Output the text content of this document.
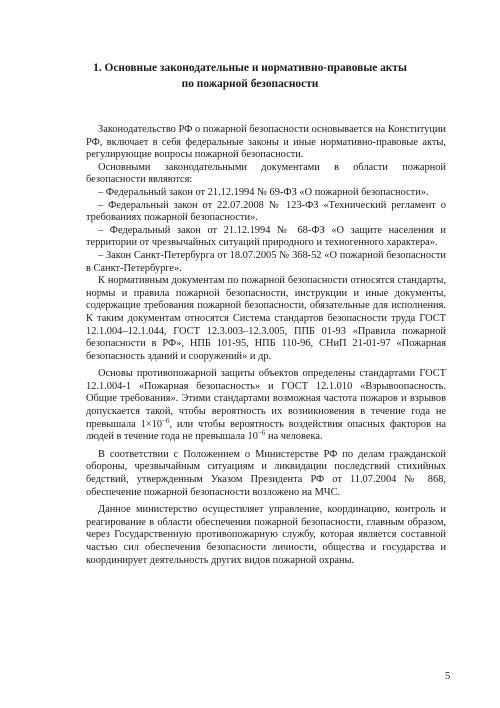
1. Основные законодательные и нормативно-правовые акты
по пожарной безопасности

Законодательство РФ о пожарной безопасности основывается на Конституции РФ, включает в себя федеральные законы и иные нормативно-правовые акты, регулирующие вопросы пожарной безопасности.

Основными законодательными документами в области пожарной безопасности являются:

– Федеральный закон от 21.12.1994 № 69-ФЗ «О пожарной безопасности».

– Федеральный закон от 22.07.2008 № 123-ФЗ «Технический регламент о требованиях пожарной безопасности».

– Федеральный закон от 21.12.1994 № 68-ФЗ «О защите населения и территории от чрезвычайных ситуаций природного и техногенного характера».

– Закон Санкт-Петербурга от 18.07.2005 № 368-52 «О пожарной безопасности в Санкт-Петербурге».

К нормативным документам по пожарной безопасности относятся стандарты, нормы и правила пожарной безопасности, инструкции и иные документы, содержащие требования пожарной безопасности, обязательные для исполнения. К таким документам относятся Система стандартов безопасности труда ГОСТ 12.1.004–12.1.044, ГОСТ 12.3.003–12.3.005, ППБ 01-93 «Правила пожарной безопасности в РФ», НПБ 101-95, НПБ 110-96, СНиП 21-01-97 «Пожарная безопасность зданий и сооружений» и др.

Основы противопожарной защиты объектов определены стандартами ГОСТ 12.1.004-1 «Пожарная безопасность» и ГОСТ 12.1.010 «Взрывоопасность. Общие требования». Этими стандартами возможная частота пожаров и взрывов допускается такой, чтобы вероятность их возникновения в течение года не превышала $1\times 10^{-6}$, или чтобы вероятность воздействия опасных факторов на людей в течение года не превышала $10^{-6}$ на человека.

В соответствии с Положением о Министерстве РФ по делам гражданской обороны, чрезвычайным ситуациям и ликвидации последствий стихийных бедствий, утвержденным Указом Президента РФ от 11.07.2004 № 868, обеспечение пожарной безопасности возложено на МЧС.

Данное министерство осуществляет управление, координацию, контроль и реагирование в области обеспечения пожарной безопасности, главным образом, через Государственную противопожарную службу, которая является составной частью сил обеспечения безопасности личности, общества и государства и координирует деятельность других видов пожарной охраны.

5
